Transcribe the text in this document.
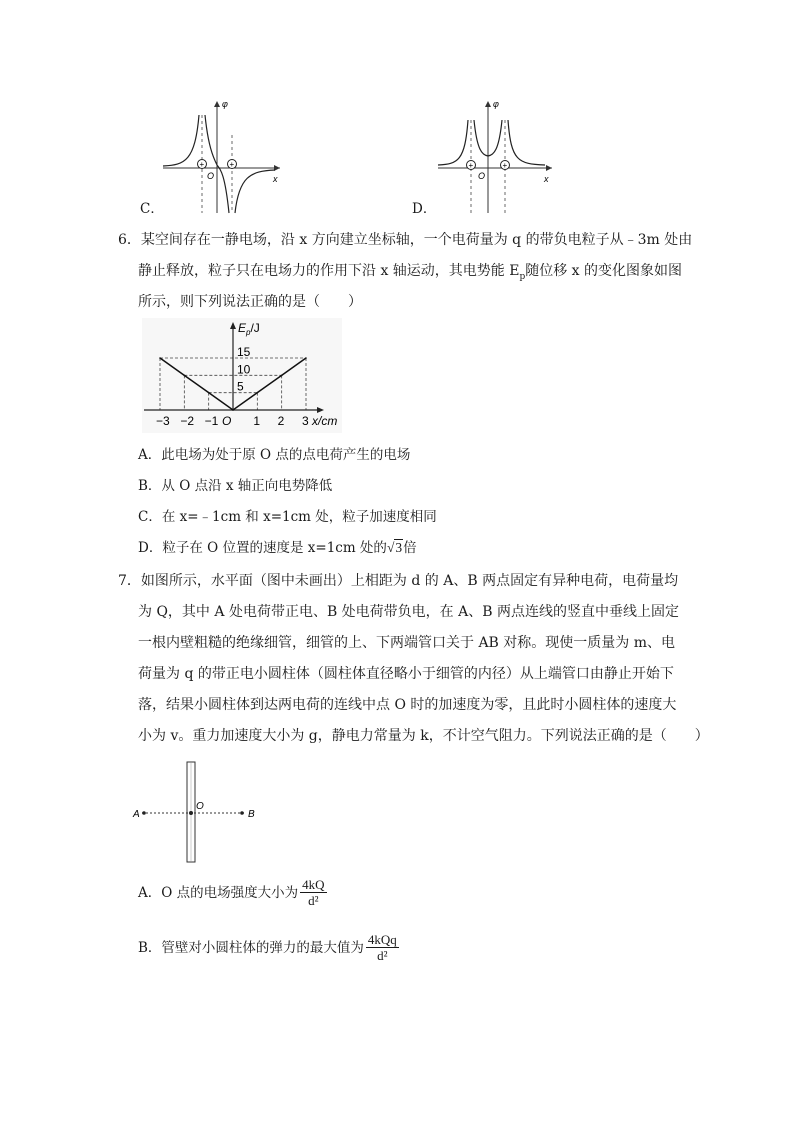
φ
x
O
+	+
C．
φ
x
O
+	+
D．
6．某空间存在一静电场，沿 x 方向建立坐标轴，一个电荷量为 q 的带负电粒子从﹣3m 处由
静止释放，粒子只在电场力的作用下沿 x 轴运动，其电势能 $E_p$随位移 x 的变化图象如图
所示，则下列说法正确的是（　　）
5
10
15
−3 −2 −1 O 1 2 3
$E_p/J$
x/cm
A．此电场为处于原 O 点的点电荷产生的电场
B．从 O 点沿 x 轴正向电势降低
C．在 x=﹣1cm 和 x=1cm 处，粒子加速度相同
D．粒子在 O 位置的速度是 x=1cm 处的√3倍
7．如图所示，水平面（图中未画出）上相距为 d 的 A、B 两点固定有异种电荷，电荷量均
为 Q，其中 A 处电荷带正电、B 处电荷带负电，在 A、B 两点连线的竖直中垂线上固定
一根内壁粗糙的绝缘细管，细管的上、下两端管口关于 AB 对称。现使一质量为 m、电
荷量为 q 的带正电小圆柱体（圆柱体直径略小于细管的内径）从上端管口由静止开始下
落，结果小圆柱体到达两电荷的连线中点 O 时的加速度为零，且此时小圆柱体的速度大
小为 v。重力加速度大小为 g，静电力常量为 k，不计空气阻力。下列说法正确的是（　　）
A
O
B
A．O 点的电场强度大小为 $\frac{4kQ}{\text{d²}}$
B．管壁对小圆柱体的弹力的最大值为 $\frac{\text{4kQq}}{\text{d²}}$
